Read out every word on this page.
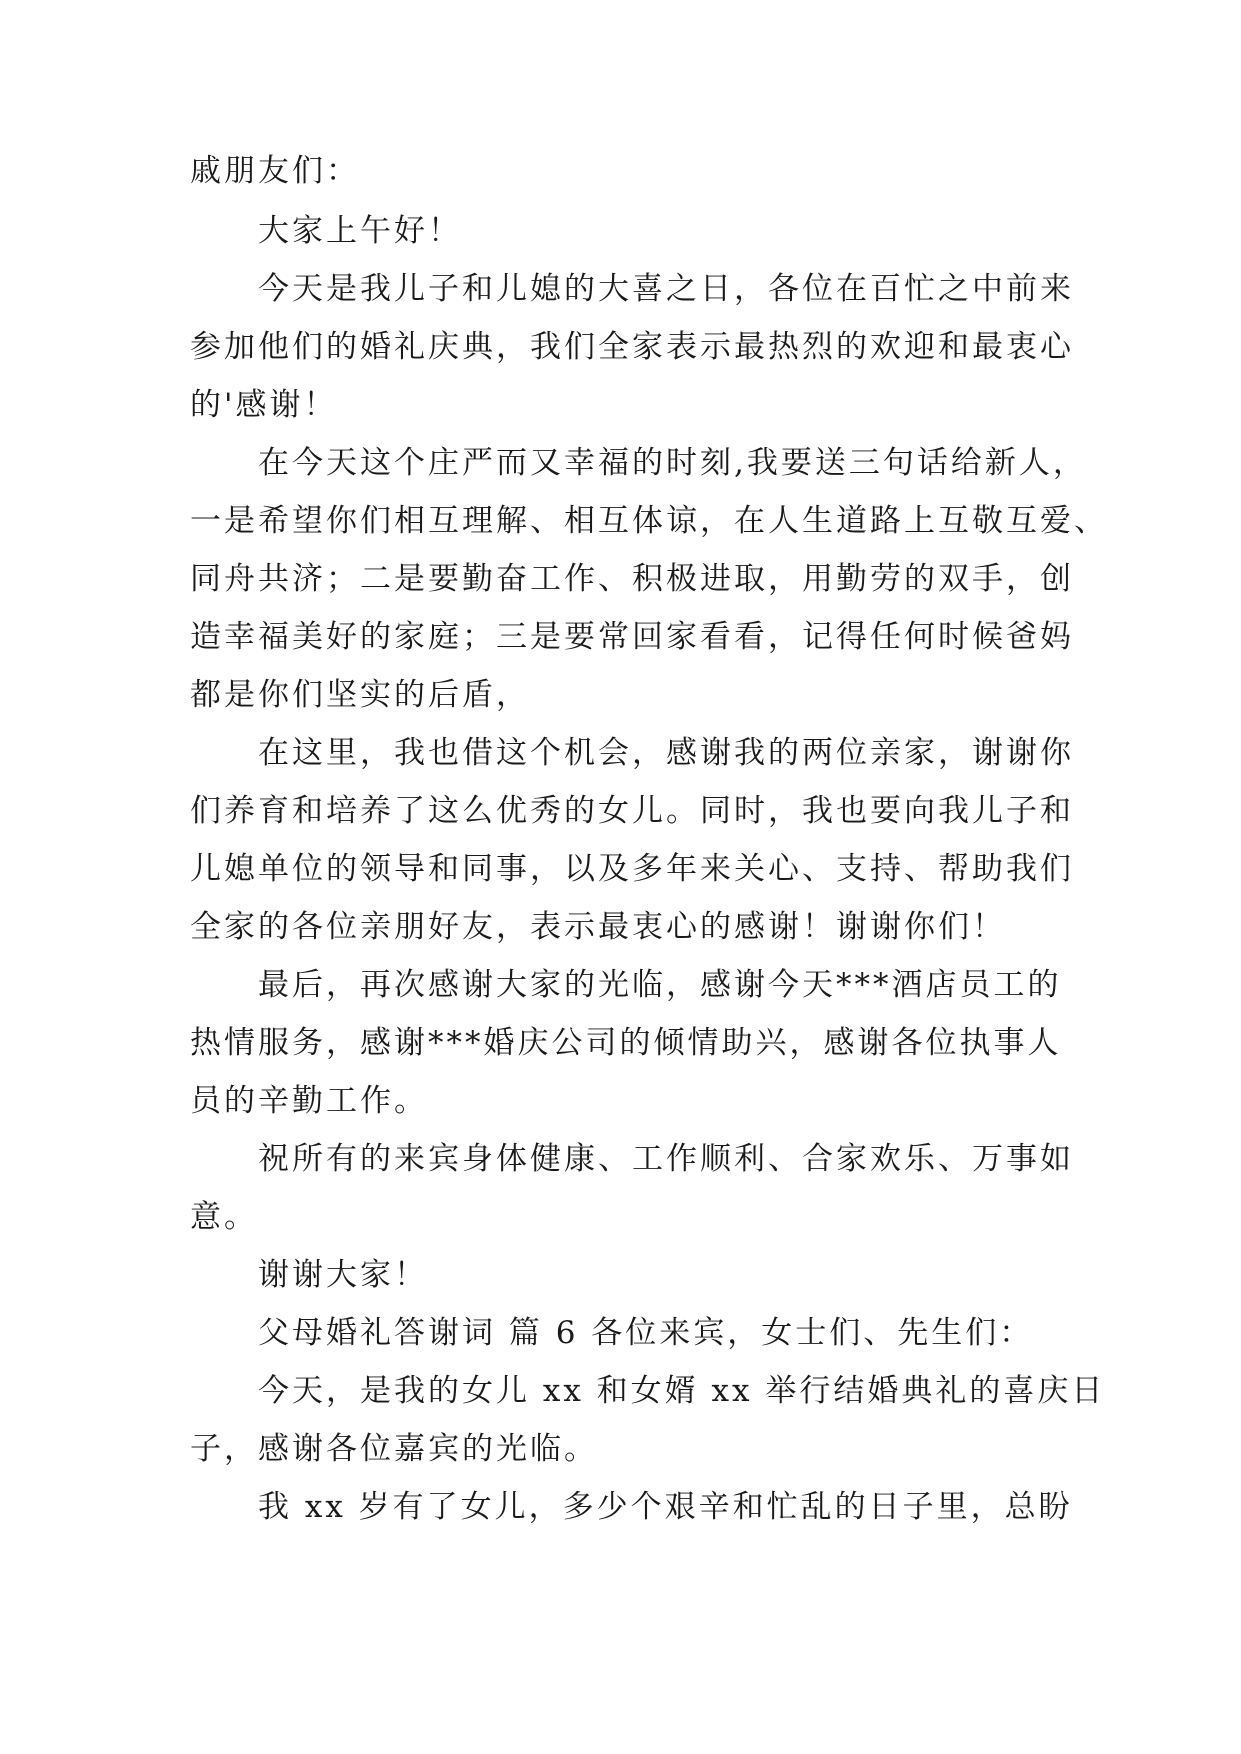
戚朋友们：
　　大家上午好！
　　今天是我儿子和儿媳的大喜之日，各位在百忙之中前来
参加他们的婚礼庆典，我们全家表示最热烈的欢迎和最衷心
的'感谢！
　　在今天这个庄严而又幸福的时刻,我要送三句话给新人，
一是希望你们相互理解、相互体谅，在人生道路上互敬互爱、
同舟共济；二是要勤奋工作、积极进取，用勤劳的双手，创
造幸福美好的家庭；三是要常回家看看，记得任何时候爸妈
都是你们坚实的后盾，
　　在这里，我也借这个机会，感谢我的两位亲家，谢谢你
们养育和培养了这么优秀的女儿。同时，我也要向我儿子和
儿媳单位的领导和同事，以及多年来关心、支持、帮助我们
全家的各位亲朋好友，表示最衷心的感谢！谢谢你们！
　　最后，再次感谢大家的光临，感谢今天***酒店员工的
热情服务，感谢***婚庆公司的倾情助兴，感谢各位执事人
员的辛勤工作。
　　祝所有的来宾身体健康、工作顺利、合家欢乐、万事如
意。
　　谢谢大家！
　　父母婚礼答谢词 篇 6 各位来宾，女士们、先生们：
　　今天，是我的女儿 xx 和女婿 xx 举行结婚典礼的喜庆日
子，感谢各位嘉宾的光临。
　　我 xx 岁有了女儿，多少个艰辛和忙乱的日子里，总盼
